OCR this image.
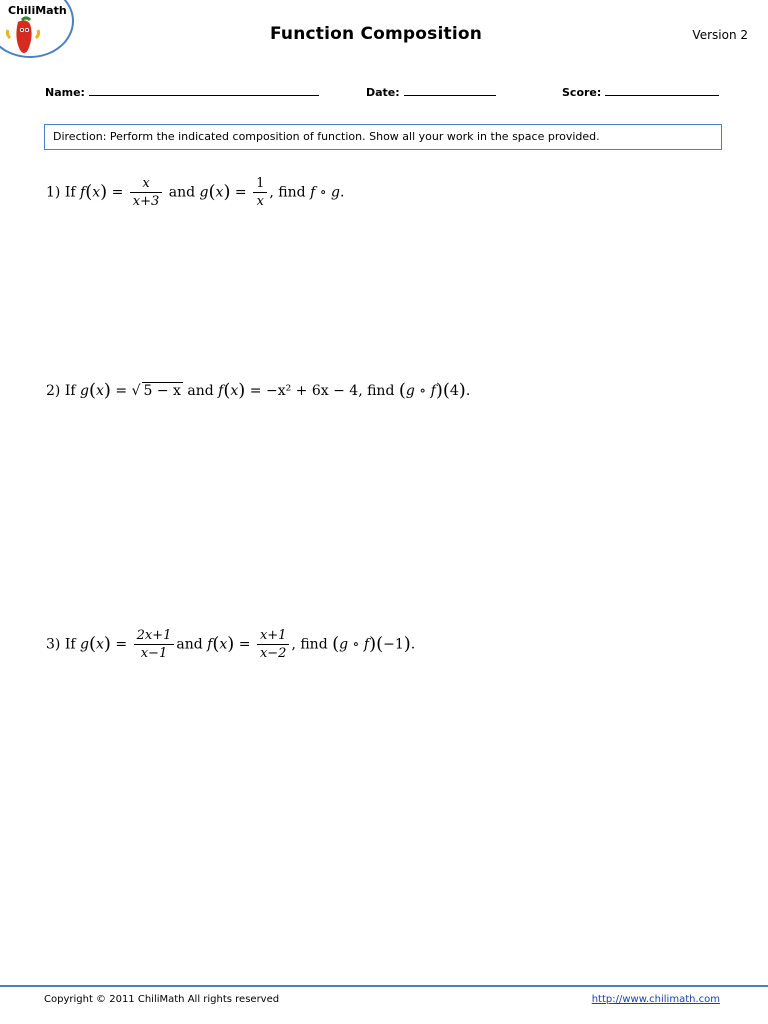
ChiliMath
Function Composition	Version 2
Name:	Date:	Score:
Direction: Perform the indicated composition of function. Show all your work in the space provided.
1) If $f(x) = \frac{x}{x+3}$ and $g(x) = \frac{1}{x}$ , find f ∘ g.
2) If g(x) = √ 5 − x and f(x) = −x² + 6x − 4, find (g ∘ f)(4).
3) If $g(x) = \frac{2x+1}{x-1}$ and $f(x) = \frac{x+1}{x-2}$ , find (g ∘ f)(−1).
Copyright © 2011 ChiliMath All rights reserved	http://www.chilimath.com
